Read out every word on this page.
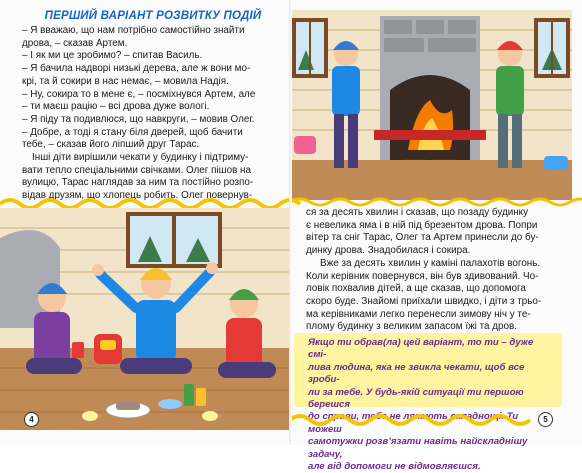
ПЕРШИЙ ВАРІАНТ РОЗВИТКУ ПОДІЙ

– Я вважаю, що нам потрібно самостійно знайти

дрова, – сказав Артем.

– І як ми це зробимо? – спитав Василь.

– Я бачила надворі низькі дерева, але ж вони мо-

крі, та й сокири в нас немає, – мовила Надія.

– Ну, сокира то в мене є, – посміхнувся Артем, але

– ти маєш рацію – всі дрова дуже вологі.

– Я піду та подивлюся, що навкруги, – мовив Олег.

– Добре, а тоді я стану біля дверей, щоб бачити

тебе, – сказав його ліпший друг Тарас.

Інші діти вирішили чекати у будинку і підтриму-

вати тепло спеціальними свічками. Олег пішов на

вулицю, Тарас наглядав за ним та постійно розпо-

відав друзям, що хлопець робить. Олег повернув-

ся за десять хвилин і сказав, що позаду будинку

є невелика яма і в ній під брезентом дрова. Попри

вітер та сніг Тарас, Олег та Артем принесли до бу-

динку дрова. Знадобилася і сокира.

Вже за десять хвилин у каміні палахотів вогонь.

Коли керівник повернувся, він був здивований. Чо-

ловік похвалив дітей, а ще сказав, що допомога

скоро буде. Знайомі приїхали швидко, і діти з трьо-

ма керівниками легко перенесли зимову ніч у те-

плому будинку з великим запасом їжі та дров.

Якщо ти обрав(ла) цей варіант, то ти – дуже смі-
лива людина, яка не звикла чекати, щоб все зроби-
ли за тебе. У будь-якій ситуації ти першою берешся
до справи, тебе не лякають складнощі. Ти можеш
самотужки розв’язати навіть найскладнішу задачу,
але від допомоги не відмовляєшся.
4	5
